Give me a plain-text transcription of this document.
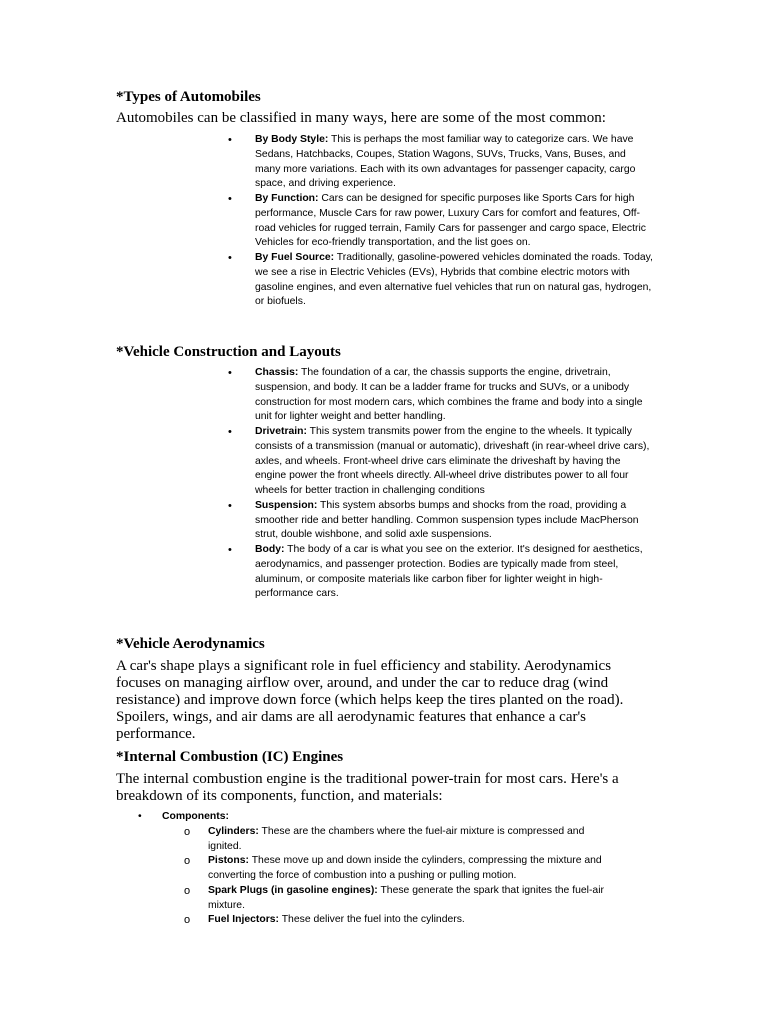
*Types of Automobiles

Automobiles can be classified in many ways, here are some of the most common:

• By Body Style: This is perhaps the most familiar way to categorize cars. We have Sedans, Hatchbacks, Coupes, Station Wagons, SUVs, Trucks, Vans, Buses, and many more variations. Each with its own advantages for passenger capacity, cargo space, and driving experience.
• By Function: Cars can be designed for specific purposes like Sports Cars for high performance, Muscle Cars for raw power, Luxury Cars for comfort and features, Off-road vehicles for rugged terrain, Family Cars for passenger and cargo space, Electric Vehicles for eco-friendly transportation, and the list goes on.
• By Fuel Source: Traditionally, gasoline-powered vehicles dominated the roads. Today, we see a rise in Electric Vehicles (EVs), Hybrids that combine electric motors with gasoline engines, and even alternative fuel vehicles that run on natural gas, hydrogen, or biofuels.
*Vehicle Construction and Layouts
• Chassis: The foundation of a car, the chassis supports the engine, drivetrain, suspension, and body. It can be a ladder frame for trucks and SUVs, or a unibody construction for most modern cars, which combines the frame and body into a single unit for lighter weight and better handling.
• Drivetrain: This system transmits power from the engine to the wheels. It typically consists of a transmission (manual or automatic), driveshaft (in rear-wheel drive cars), axles, and wheels. Front-wheel drive cars eliminate the driveshaft by having the engine power the front wheels directly. All-wheel drive distributes power to all four wheels for better traction in challenging conditions
• Suspension: This system absorbs bumps and shocks from the road, providing a smoother ride and better handling. Common suspension types include MacPherson strut, double wishbone, and solid axle suspensions.
• Body: The body of a car is what you see on the exterior. It's designed for aesthetics, aerodynamics, and passenger protection. Bodies are typically made from steel, aluminum, or composite materials like carbon fiber for lighter weight in high-performance cars.
*Vehicle Aerodynamics

A car's shape plays a significant role in fuel efficiency and stability. Aerodynamics focuses on managing airflow over, around, and under the car to reduce drag (wind resistance) and improve down force (which helps keep the tires planted on the road). Spoilers, wings, and air dams are all aerodynamic features that enhance a car's performance.

*Internal Combustion (IC) Engines

The internal combustion engine is the traditional power-train for most cars. Here's a breakdown of its components, function, and materials:

• Components:
o Cylinders: These are the chambers where the fuel-air mixture is compressed and ignited.
o Pistons: These move up and down inside the cylinders, compressing the mixture and converting the force of combustion into a pushing or pulling motion.
o Spark Plugs (in gasoline engines): These generate the spark that ignites the fuel-air mixture.
o Fuel Injectors: These deliver the fuel into the cylinders.
